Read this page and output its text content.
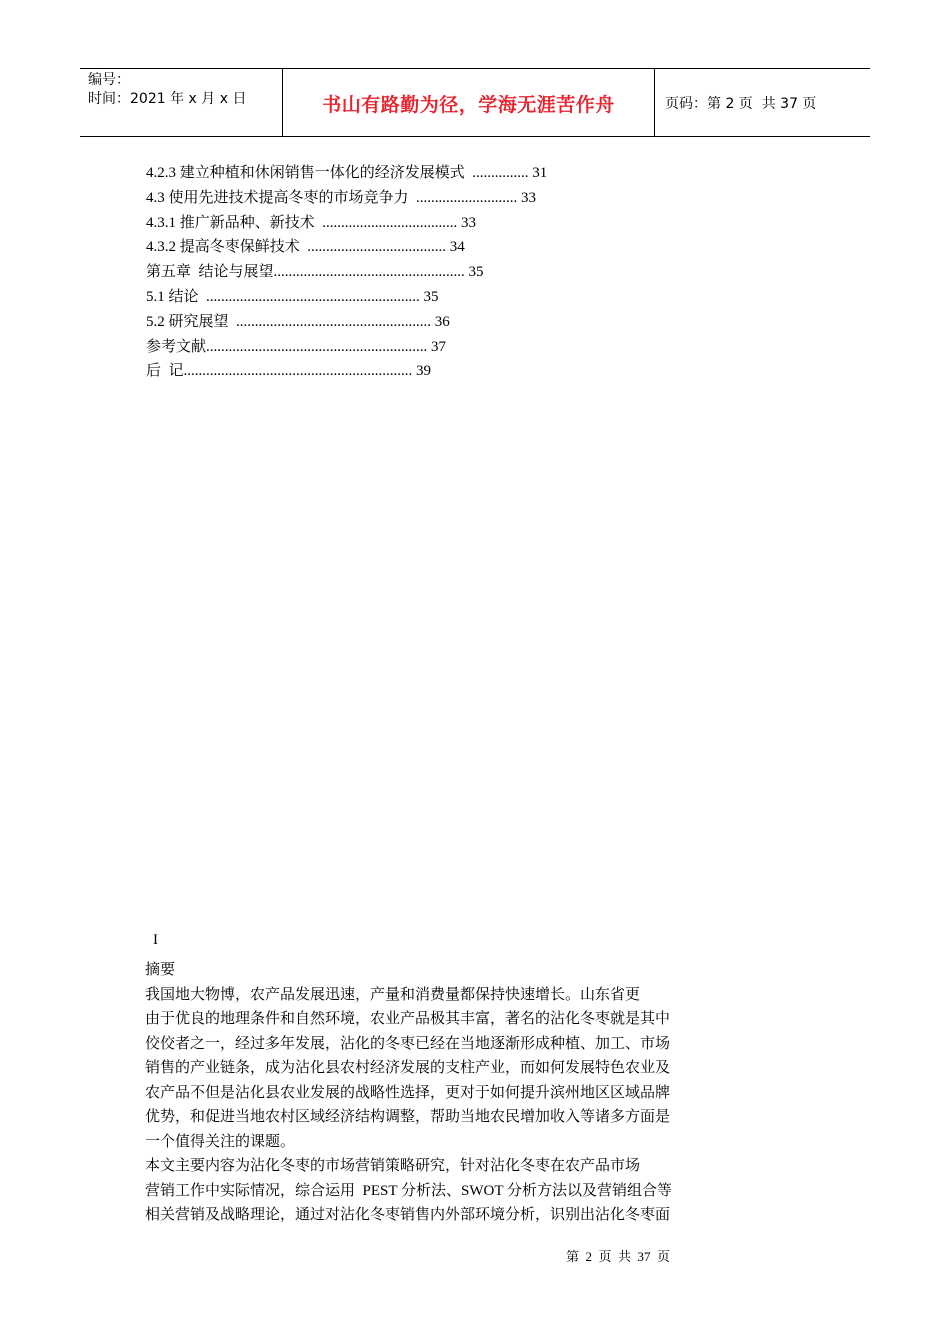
编号：
时间：2021 年 x 月 x 日	书山有路勤为径，学海无涯苦作舟	页码：第 2 页  共 37 页
4.2.3 建立种植和休闲销售一体化的经济发展模式  ............... 31
4.3 使用先进技术提高冬枣的市场竞争力  ........................... 33
4.3.1 推广新品种、新技术  .................................... 33
4.3.2 提高冬枣保鲜技术  ..................................... 34
第五章  结论与展望................................................... 35
5.1 结论  ......................................................... 35
5.2 研究展望  .................................................... 36
参考文献........................................................... 37
后  记............................................................. 39
I
摘要
我国地大物博，农产品发展迅速，产量和消费量都保持快速增长。山东省更
由于优良的地理条件和自然环境，农业产品极其丰富，著名的沾化冬枣就是其中
佼佼者之一，经过多年发展，沾化的冬枣已经在当地逐渐形成种植、加工、市场
销售的产业链条，成为沾化县农村经济发展的支柱产业，而如何发展特色农业及
农产品不但是沾化县农业发展的战略性选择，更对于如何提升滨州地区区域品牌
优势，和促进当地农村区域经济结构调整，帮助当地农民增加收入等诸多方面是
一个值得关注的课题。
本文主要内容为沾化冬枣的市场营销策略研究，针对沾化冬枣在农产品市场
营销工作中实际情况，综合运用  PEST 分析法、SWOT 分析方法以及营销组合等
相关营销及战略理论，通过对沾化冬枣销售内外部环境分析，识别出沾化冬枣面
第  2  页  共  37  页
